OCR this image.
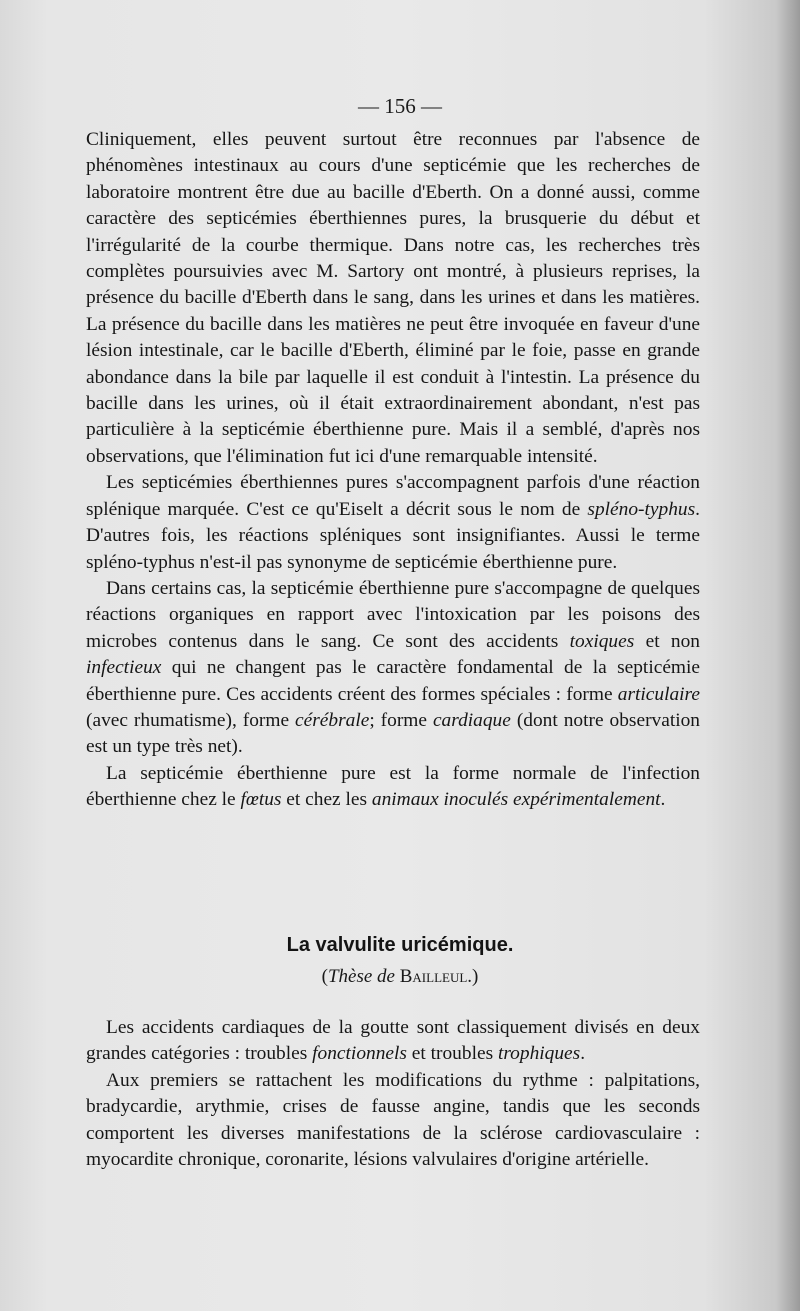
— 156 —

Cliniquement, elles peuvent surtout être reconnues par l'absence de phénomènes intestinaux au cours d'une septicémie que les recherches de laboratoire montrent être due au bacille d'Eberth. On a donné aussi, comme caractère des septicémies éberthiennes pures, la brusquerie du début et l'irrégularité de la courbe thermique. Dans notre cas, les recherches très complètes poursuivies avec M. Sartory ont montré, à plusieurs reprises, la présence du bacille d'Eberth dans le sang, dans les urines et dans les matières. La présence du bacille dans les matières ne peut être invoquée en faveur d'une lésion intestinale, car le bacille d'Eberth, éliminé par le foie, passe en grande abondance dans la bile par laquelle il est conduit à l'intestin. La présence du bacille dans les urines, où il était extraordinairement abondant, n'est pas particulière à la septicémie éberthienne pure. Mais il a semblé, d'après nos observations, que l'élimination fut ici d'une remarquable intensité.

Les septicémies éberthiennes pures s'accompagnent parfois d'une réaction splénique marquée. C'est ce qu'Eiselt a décrit sous le nom de spléno-typhus. D'autres fois, les réactions spléniques sont insignifiantes. Aussi le terme spléno-typhus n'est-il pas synonyme de septicémie éberthienne pure.

Dans certains cas, la septicémie éberthienne pure s'accompagne de quelques réactions organiques en rapport avec l'intoxication par les poisons des microbes contenus dans le sang. Ce sont des accidents toxiques et non infectieux qui ne changent pas le caractère fondamental de la septicémie éberthienne pure. Ces accidents créent des formes spéciales : forme articulaire (avec rhumatisme), forme cérébrale; forme cardiaque (dont notre observation est un type très net).

La septicémie éberthienne pure est la forme normale de l'infection éberthienne chez le fœtus et chez les animaux inoculés expérimentalement.

La valvulite uricémique.
(Thèse de Bailleul.)

Les accidents cardiaques de la goutte sont classiquement divisés en deux grandes catégories : troubles fonctionnels et troubles trophiques.

Aux premiers se rattachent les modifications du rythme : palpitations, bradycardie, arythmie, crises de fausse angine, tandis que les seconds comportent les diverses manifestations de la sclérose cardiovasculaire : myocardite chronique, coronarite, lésions valvulaires d'origine artérielle.
